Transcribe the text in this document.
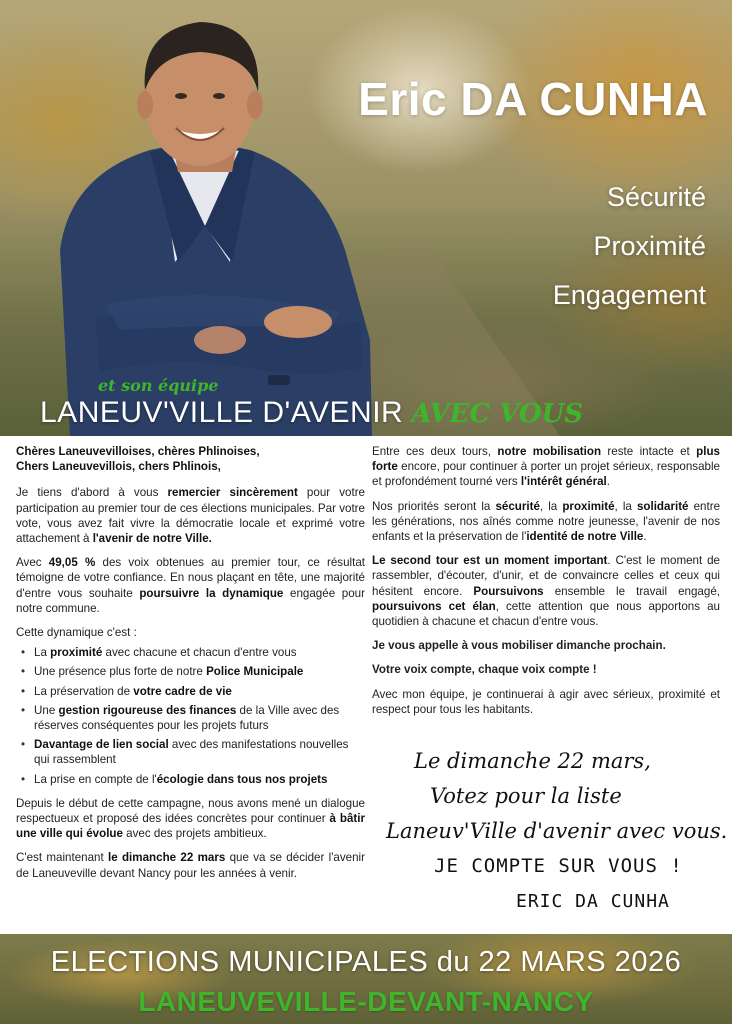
Eric DA CUNHA
Sécurité
Proximité
Engagement
et son équipe
LANEUV'VILLE D'AVENIR AVEC VOUS

Chères Laneuvevilloises, chères Phlinoises,
Chers Laneuvevillois, chers Phlinois,

Je tiens d'abord à vous remercier sincèrement pour votre participation au premier tour de ces élections municipales. Par votre vote, vous avez fait vivre la démocratie locale et exprimé votre attachement à l'avenir de notre Ville.

Avec 49,05 % des voix obtenues au premier tour, ce résultat témoigne de votre confiance. En nous plaçant en tête, une majorité d'entre vous souhaite poursuivre la dynamique engagée pour notre commune.

Cette dynamique c'est :

• La proximité avec chacune et chacun d'entre vous
• Une présence plus forte de notre Police Municipale
• La préservation de votre cadre de vie
• Une gestion rigoureuse des finances de la Ville avec des réserves conséquentes pour les projets futurs
• Davantage de lien social avec des manifestations nouvelles qui rassemblent
• La prise en compte de l'écologie dans tous nos projets

Depuis le début de cette campagne, nous avons mené un dialogue respectueux et proposé des idées concrètes pour continuer à bâtir une ville qui évolue avec des projets ambitieux.

C'est maintenant le dimanche 22 mars que va se décider l'avenir de Laneuveville devant Nancy pour les années à venir.

Entre ces deux tours, notre mobilisation reste intacte et plus forte encore, pour continuer à porter un projet sérieux, responsable et profondément tourné vers l'intérêt général.

Nos priorités seront la sécurité, la proximité, la solidarité entre les générations, nos aînés comme notre jeunesse, l'avenir de nos enfants et la préservation de l'identité de notre Ville.

Le second tour est un moment important. C'est le moment de rassembler, d'écouter, d'unir, et de convaincre celles et ceux qui hésitent encore. Poursuivons ensemble le travail engagé, poursuivons cet élan, cette attention que nous apportons au quotidien à chacune et chacun d'entre vous.

Je vous appelle à vous mobiliser dimanche prochain.

Votre voix compte, chaque voix compte !

Avec mon équipe, je continuerai à agir avec sérieux, proximité et respect pour tous les habitants.

Le dimanche 22 mars,
Votez pour la liste
Laneuv'Ville d'avenir avec vous.
JE COMPTE SUR VOUS !
ERIC DA CUNHA
ELECTIONS MUNICIPALES du 22 MARS 2026
LANEUVEVILLE-DEVANT-NANCY
